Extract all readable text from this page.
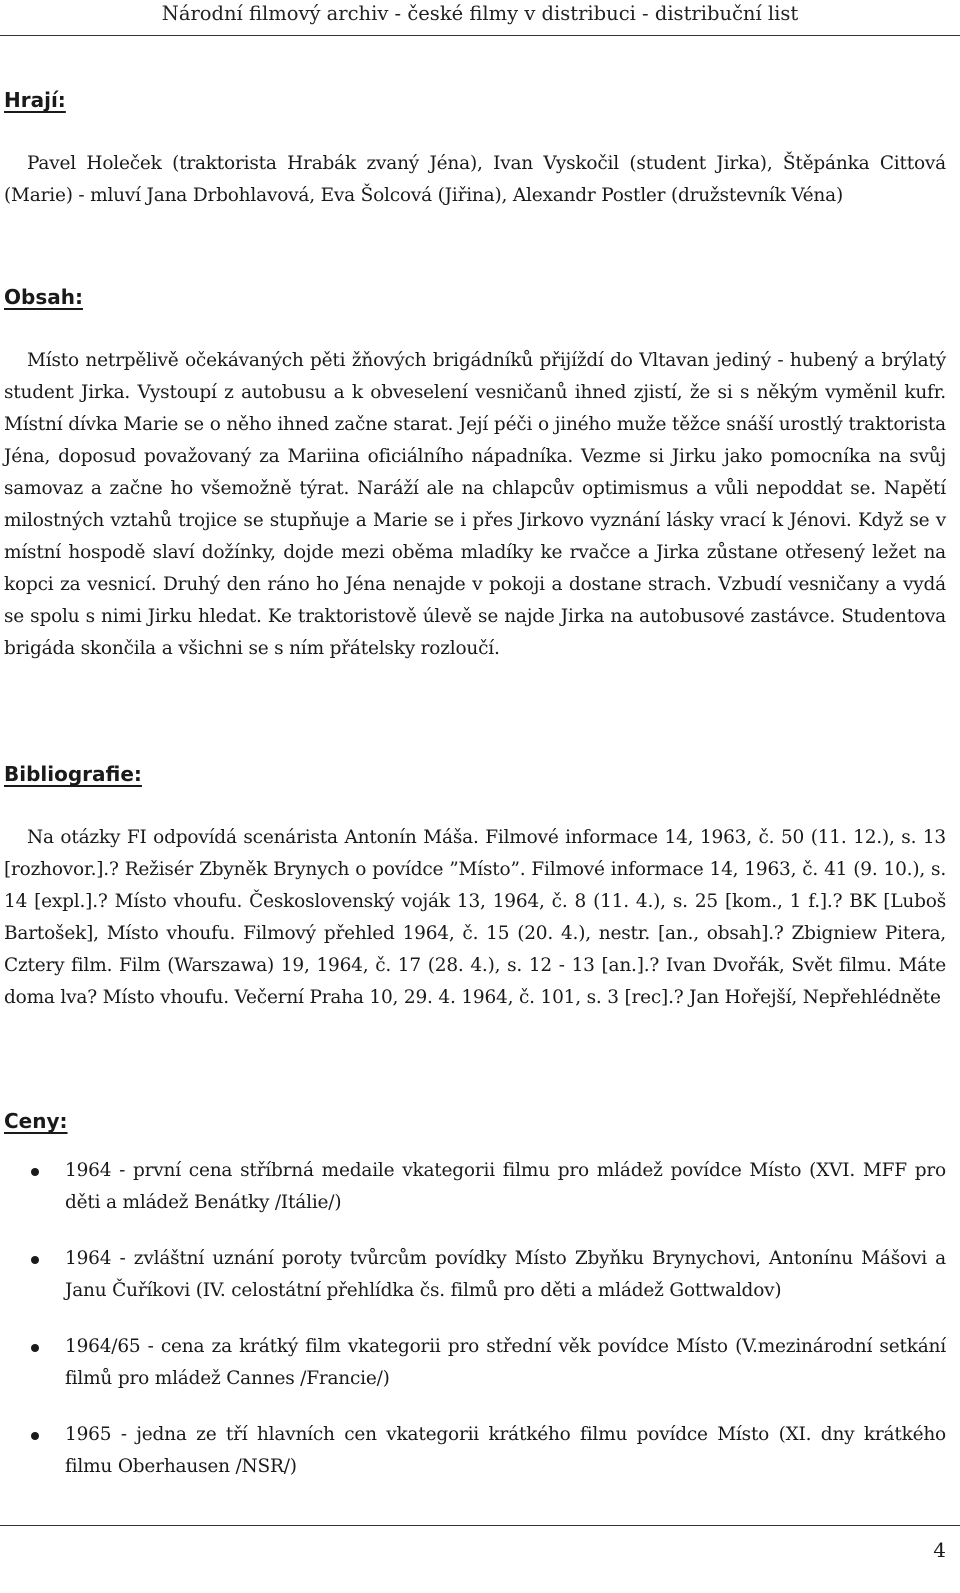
Národní filmový archiv - české filmy v distribuci - distribuční list
Hrají:

Pavel Holeček (traktorista Hrabák zvaný Jéna), Ivan Vyskočil (student Jirka), Štěpánka Cittová (Marie) - mluví Jana Drbohlavová, Eva Šolcová (Jiřina), Alexandr Postler (družstevník Véna)

Obsah:

Místo netrpělivě očekávaných pěti žňových brigádníků přijíždí do Vltavan jediný - hubený a brýlatý student Jirka. Vystoupí z autobusu a k obveselení vesničanů ihned zjistí, že si s někým vyměnil kufr. Místní dívka Marie se o něho ihned začne starat. Její péči o jiného muže těžce snáší urostlý traktorista Jéna, doposud považovaný za Mariina oficiálního nápadníka. Vezme si Jirku jako pomocníka na svůj samovaz a začne ho všemožně týrat. Naráží ale na chlapcův optimismus a vůli nepoddat se. Napětí milostných vztahů trojice se stupňuje a Marie se i přes Jirkovo vyznání lásky vrací k Jénovi. Když se v místní hospodě slaví dožínky, dojde mezi oběma mladíky ke rvačce a Jirka zůstane otřesený ležet na kopci za vesnicí. Druhý den ráno ho Jéna nenajde v pokoji a dostane strach. Vzbudí vesničany a vydá se spolu s nimi Jirku hledat. Ke traktoristově úlevě se najde Jirka na autobusové zastávce. Studentova brigáda skončila a všichni se s ním přátelsky rozloučí.

Bibliografie:

Na otázky FI odpovídá scenárista Antonín Máša. Filmové informace 14, 1963, č. 50 (11. 12.), s. 13 [rozhovor.].? Režisér Zbyněk Brynych o povídce ”Místo”. Filmové informace 14, 1963, č. 41 (9. 10.), s. 14 [expl.].? Místo vhoufu. Československý voják 13, 1964, č. 8 (11. 4.), s. 25 [kom., 1 f.].? BK [Luboš Bartošek], Místo vhoufu. Filmový přehled 1964, č. 15 (20. 4.), nestr. [an., obsah].? Zbigniew Pitera, Cztery film. Film (Warszawa) 19, 1964, č. 17 (28. 4.), s. 12 - 13 [an.].? Ivan Dvořák, Svět filmu. Máte doma lva? Místo vhoufu. Večerní Praha 10, 29. 4. 1964, č. 101, s. 3 [rec].? Jan Hořejší, Nepřehlédněte

Ceny:
1964 - první cena stříbrná medaile vkategorii filmu pro mládež povídce Místo (XVI. MFF pro děti a mládež Benátky /Itálie/)
1964 - zvláštní uznání poroty tvůrcům povídky Místo Zbyňku Brynychovi, Antonínu Mášovi a Janu Čuříkovi (IV. celostátní přehlídka čs. filmů pro děti a mládež Gottwaldov)
1964/65 - cena za krátký film vkategorii pro střední věk povídce Místo (V.mezinárodní setkání filmů pro mládež Cannes /Francie/)
1965 - jedna ze tří hlavních cen vkategorii krátkého filmu povídce Místo (XI. dny krátkého filmu Oberhausen /NSR/)
4
